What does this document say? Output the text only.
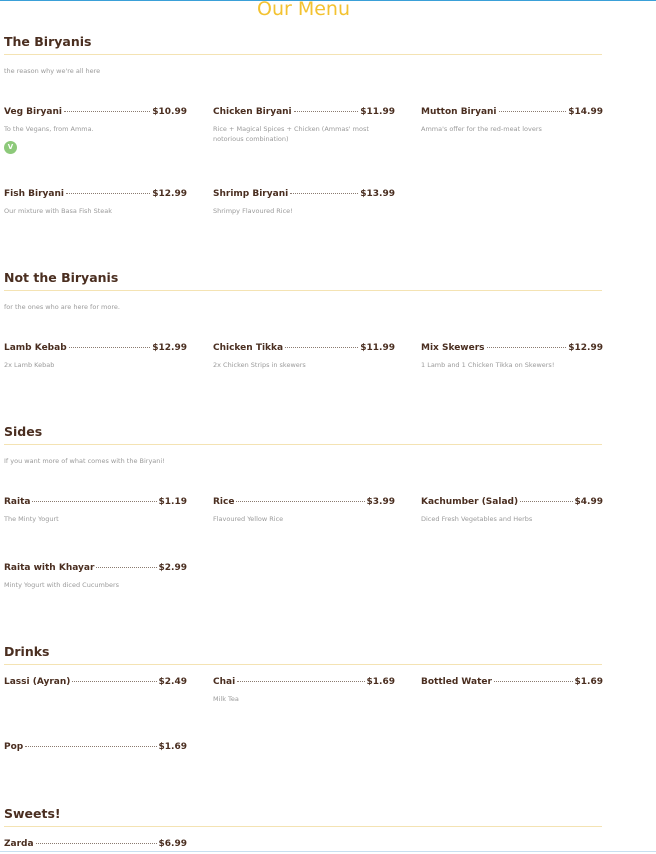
Our Menu
The Biryanis
the reason why we're all here
Veg Biryani	$10.99
To the Vegans, from Amma.
V
Chicken Biryani	$11.99
Rice + Magical Spices + Chicken (Ammas' most notorious combination)
Mutton Biryani	$14.99
Amma's offer for the red-meat lovers
Fish Biryani	$12.99
Our mixture with Basa Fish Steak
Shrimp Biryani	$13.99
Shrimpy Flavoured Rice!
Not the Biryanis
for the ones who are here for more.
Lamb Kebab	$12.99
2x Lamb Kebab
Chicken Tikka	$11.99
2x Chicken Strips in skewers
Mix Skewers	$12.99
1 Lamb and 1 Chicken Tikka on Skewers!
Sides
If you want more of what comes with the Biryani!
Raita	$1.19
The Minty Yogurt
Rice	$3.99
Flavoured Yellow Rice
Kachumber (Salad)	$4.99
Diced Fresh Vegetables and Herbs
Raita with Khayar	$2.99
Minty Yogurt with diced Cucumbers
Drinks
Lassi (Ayran)	$2.49	Chai	$1.69
Milk Tea
Bottled Water	$1.69
Pop	$1.69
Sweets!
Zarda	$6.99
